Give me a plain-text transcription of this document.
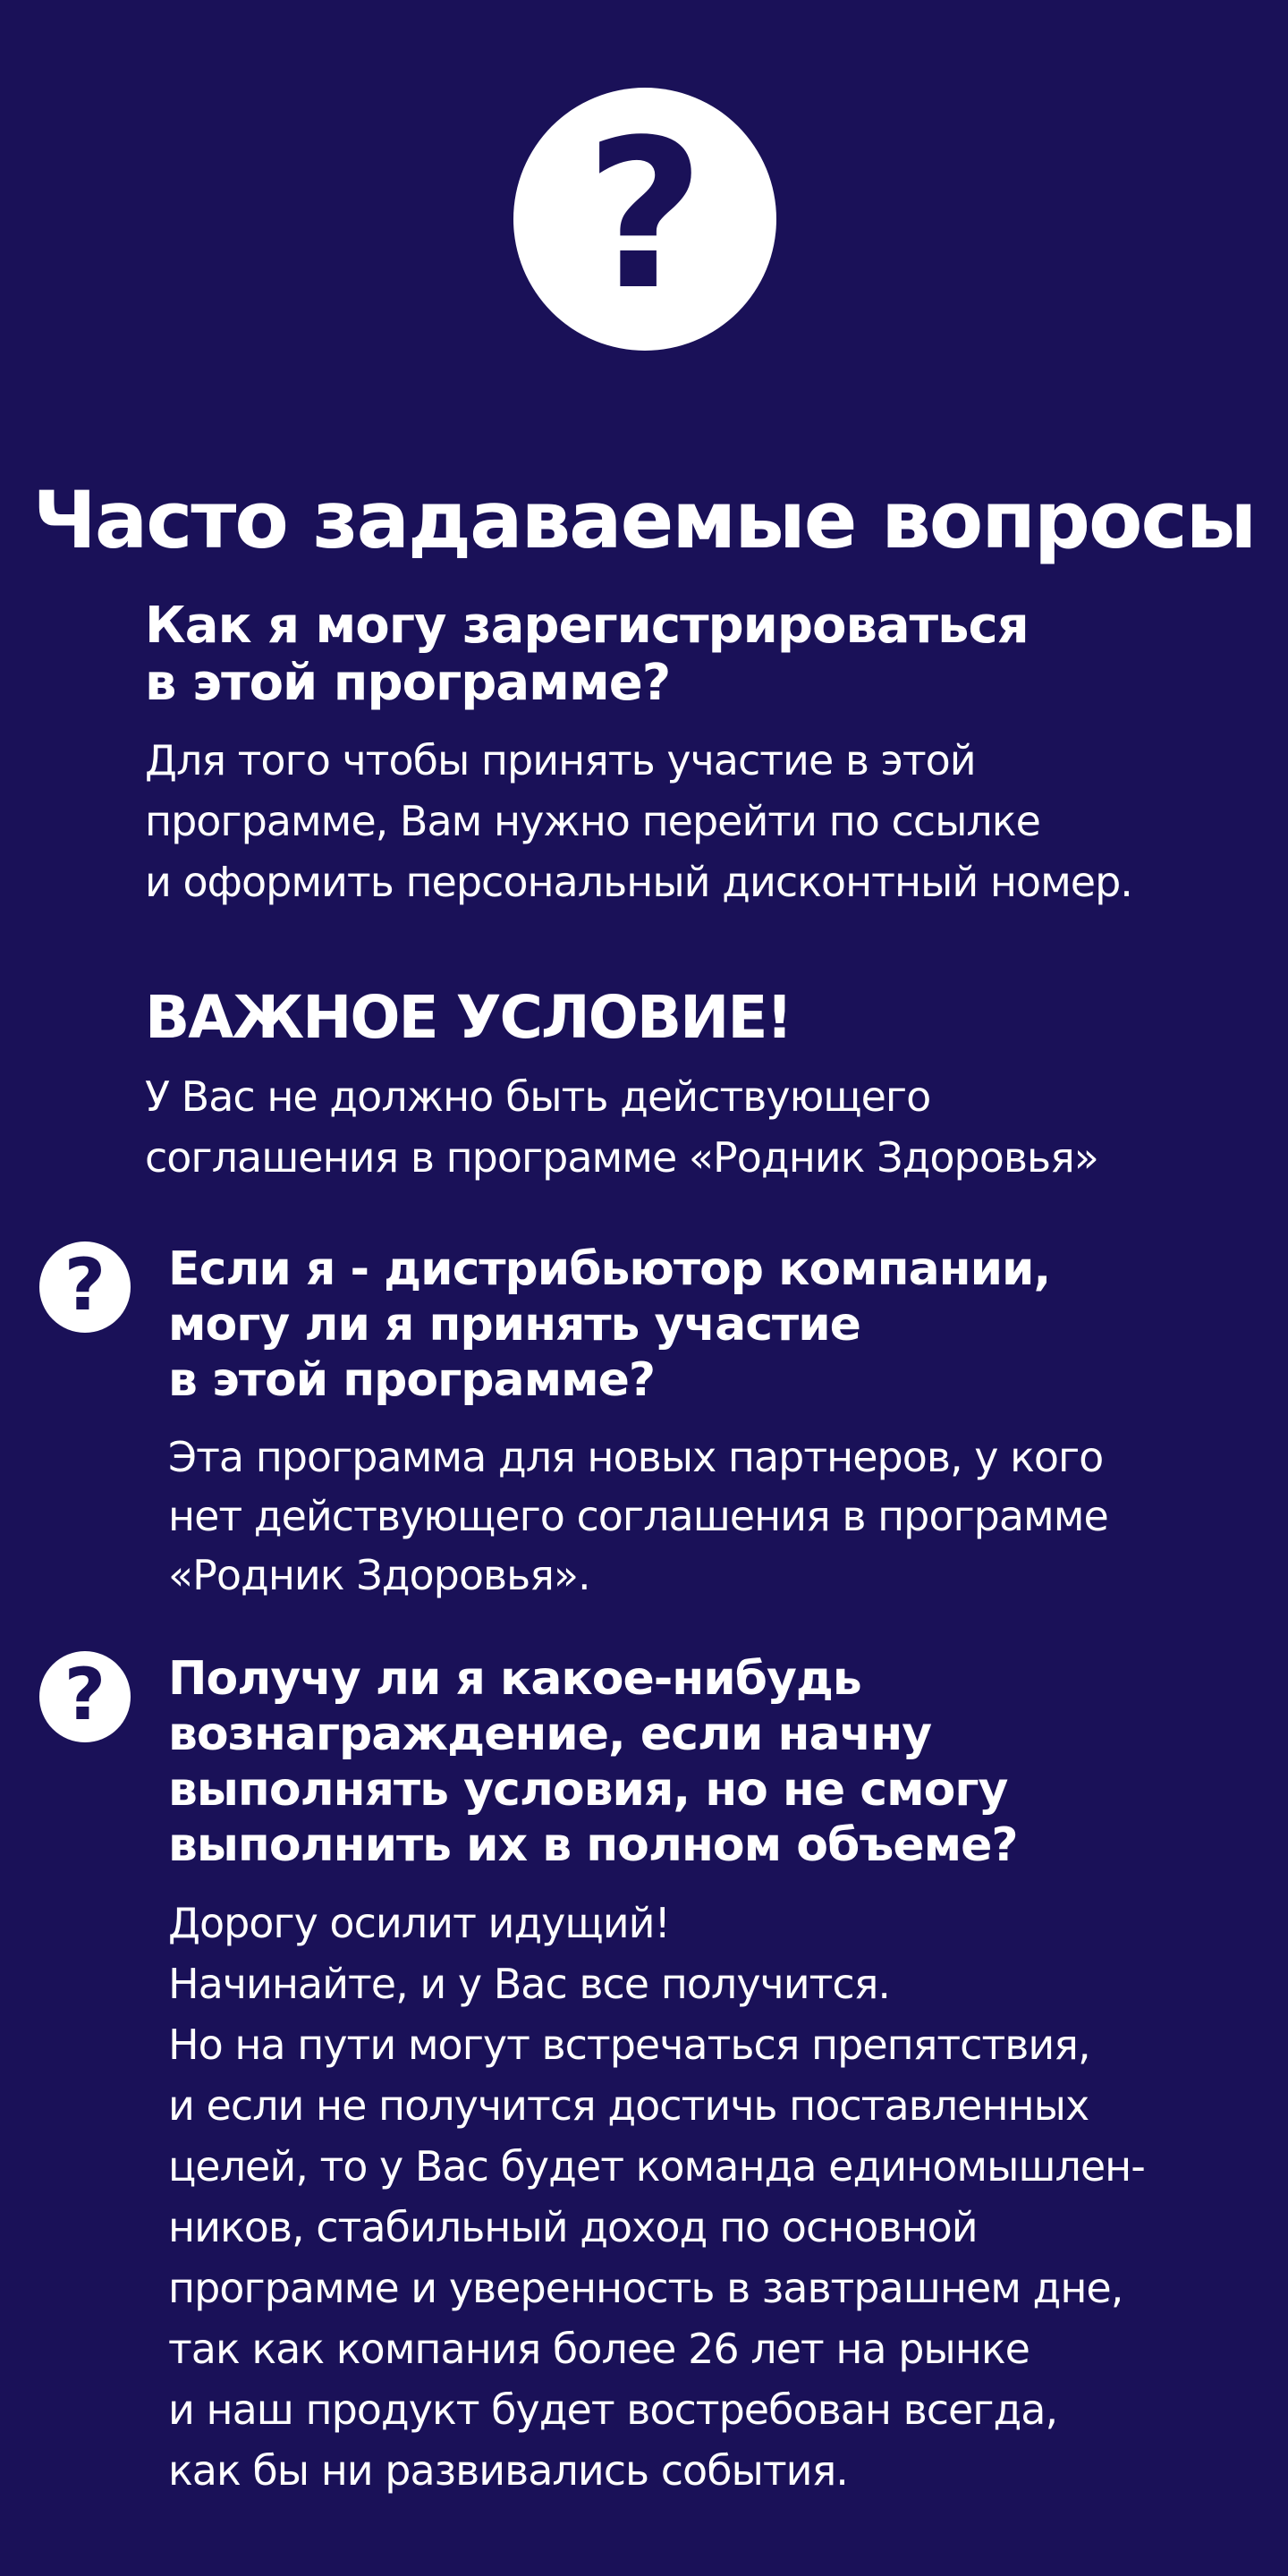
?
Часто задаваемые вопросы
Как я могу зарегистрироваться
в этой программе?

Для того чтобы принять участие в этой
программе, Вам нужно перейти по ссылке
и оформить персональный дисконтный номер.

ВАЖНОЕ УСЛОВИЕ!

У Вас не должно быть действующего
соглашения в программе «Родник Здоровья»

? Если я - дистрибьютор компании,
могу ли я принять участие
в этой программе?

Эта программа для новых партнеров, у кого
нет действующего соглашения в программе
«Родник Здоровья».

? Получу ли я какое-нибудь
вознаграждение, если начну
выполнять условия, но не смогу
выполнить их в полном объеме?

Дорогу осилит идущий!
Начинайте, и у Вас все получится.
Но на пути могут встречаться препятствия,
и если не получится достичь поставленных
целей, то у Вас будет команда единомышлен-
ников, стабильный доход по основной
программе и уверенность в завтрашнем дне,
так как компания более 26 лет на рынке
и наш продукт будет востребован всегда,
как бы ни развивались события.
